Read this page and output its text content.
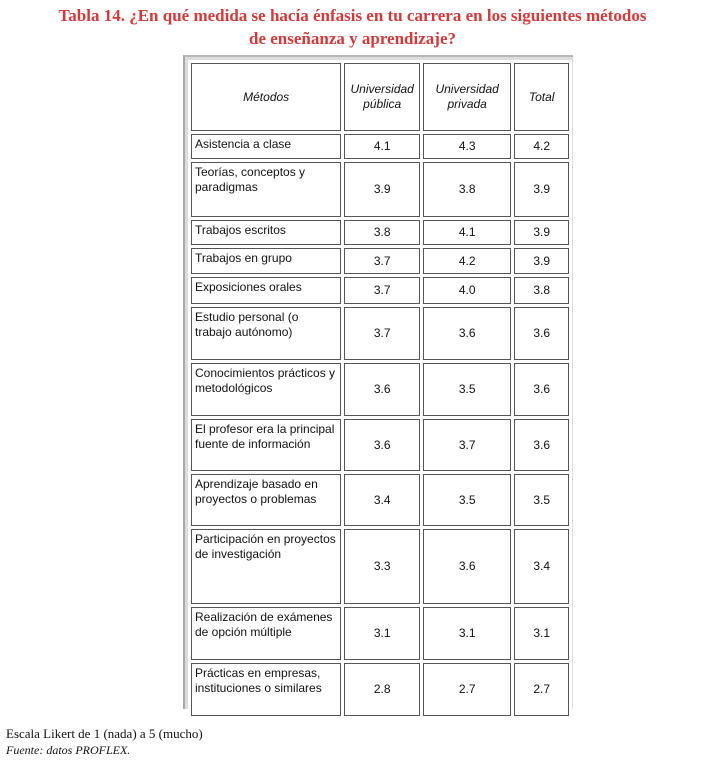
Tabla 14. ¿En qué medida se hacía énfasis en tu carrera en los siguientes métodos
de enseñanza y aprendizaje?
Métodos	Universidad pública	Universidad privada	Total
Asistencia a clase	4.1	4.3	4.2
Teorías, conceptos y paradigmas	3.9	3.8	3.9
Trabajos escritos	3.8	4.1	3.9
Trabajos en grupo	3.7	4.2	3.9
Exposiciones orales	3.7	4.0	3.8
Estudio personal (o trabajo autónomo)	3.7	3.6	3.6
Conocimientos prácticos y metodológicos	3.6	3.5	3.6
El profesor era la principal fuente de información	3.6	3.7	3.6
Aprendizaje basado en proyectos o problemas	3.4	3.5	3.5
Participación en proyectos de investigación	3.3	3.6	3.4
Realización de exámenes de opción múltiple	3.1	3.1	3.1
Prácticas en empresas, instituciones o similares	2.8	2.7	2.7
Escala Likert de 1 (nada) a 5 (mucho)
Fuente: datos PROFLEX.
